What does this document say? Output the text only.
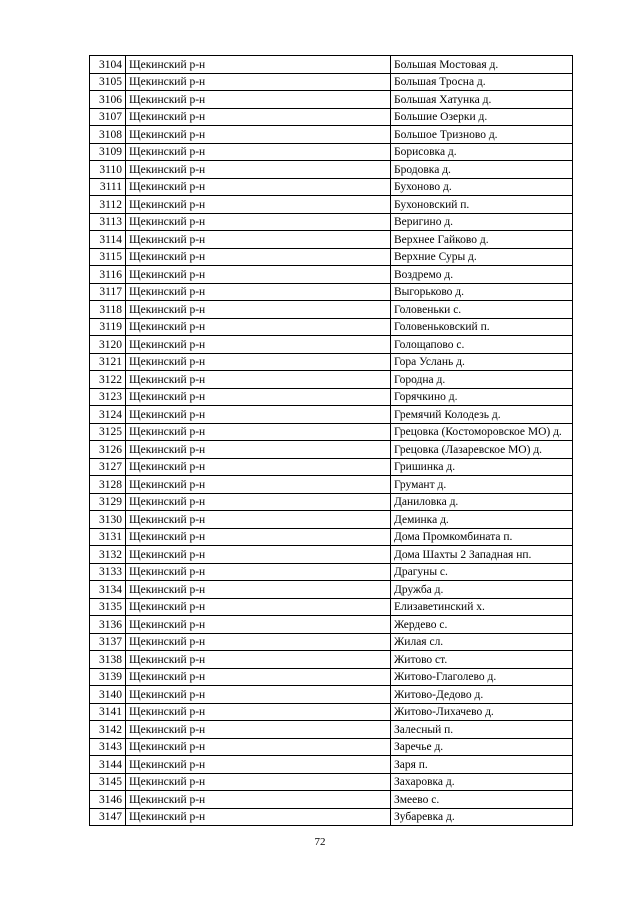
3104	Щекинский р-н	Большая Мостовая д.
3105	Щекинский р-н	Большая Тросна д.
3106	Щекинский р-н	Большая Хатунка д.
3107	Щекинский р-н	Большие Озерки д.
3108	Щекинский р-н	Большое Тризново д.
3109	Щекинский р-н	Борисовка д.
3110	Щекинский р-н	Бродовка д.
3111	Щекинский р-н	Бухоново д.
3112	Щекинский р-н	Бухоновский п.
3113	Щекинский р-н	Веригино д.
3114	Щекинский р-н	Верхнее Гайково д.
3115	Щекинский р-н	Верхние Суры д.
3116	Щекинский р-н	Воздремо д.
3117	Щекинский р-н	Выгорьково д.
3118	Щекинский р-н	Головеньки с.
3119	Щекинский р-н	Головеньковский п.
3120	Щекинский р-н	Голощапово с.
3121	Щекинский р-н	Гора Услань д.
3122	Щекинский р-н	Городна д.
3123	Щекинский р-н	Горячкино д.
3124	Щекинский р-н	Гремячий Колодезь д.
3125	Щекинский р-н	Грецовка (Костоморовское МО) д.
3126	Щекинский р-н	Грецовка (Лазаревское МО) д.
3127	Щекинский р-н	Гришинка д.
3128	Щекинский р-н	Грумант д.
3129	Щекинский р-н	Даниловка д.
3130	Щекинский р-н	Деминка д.
3131	Щекинский р-н	Дома Промкомбината п.
3132	Щекинский р-н	Дома Шахты 2 Западная нп.
3133	Щекинский р-н	Драгуны с.
3134	Щекинский р-н	Дружба д.
3135	Щекинский р-н	Елизаветинский х.
3136	Щекинский р-н	Жердево с.
3137	Щекинский р-н	Жилая сл.
3138	Щекинский р-н	Житово ст.
3139	Щекинский р-н	Житово-Глаголево д.
3140	Щекинский р-н	Житово-Дедово д.
3141	Щекинский р-н	Житово-Лихачево д.
3142	Щекинский р-н	Залесный п.
3143	Щекинский р-н	Заречье д.
3144	Щекинский р-н	Заря п.
3145	Щекинский р-н	Захаровка д.
3146	Щекинский р-н	Змеево с.
3147	Щекинский р-н	Зубаревка д.
72
